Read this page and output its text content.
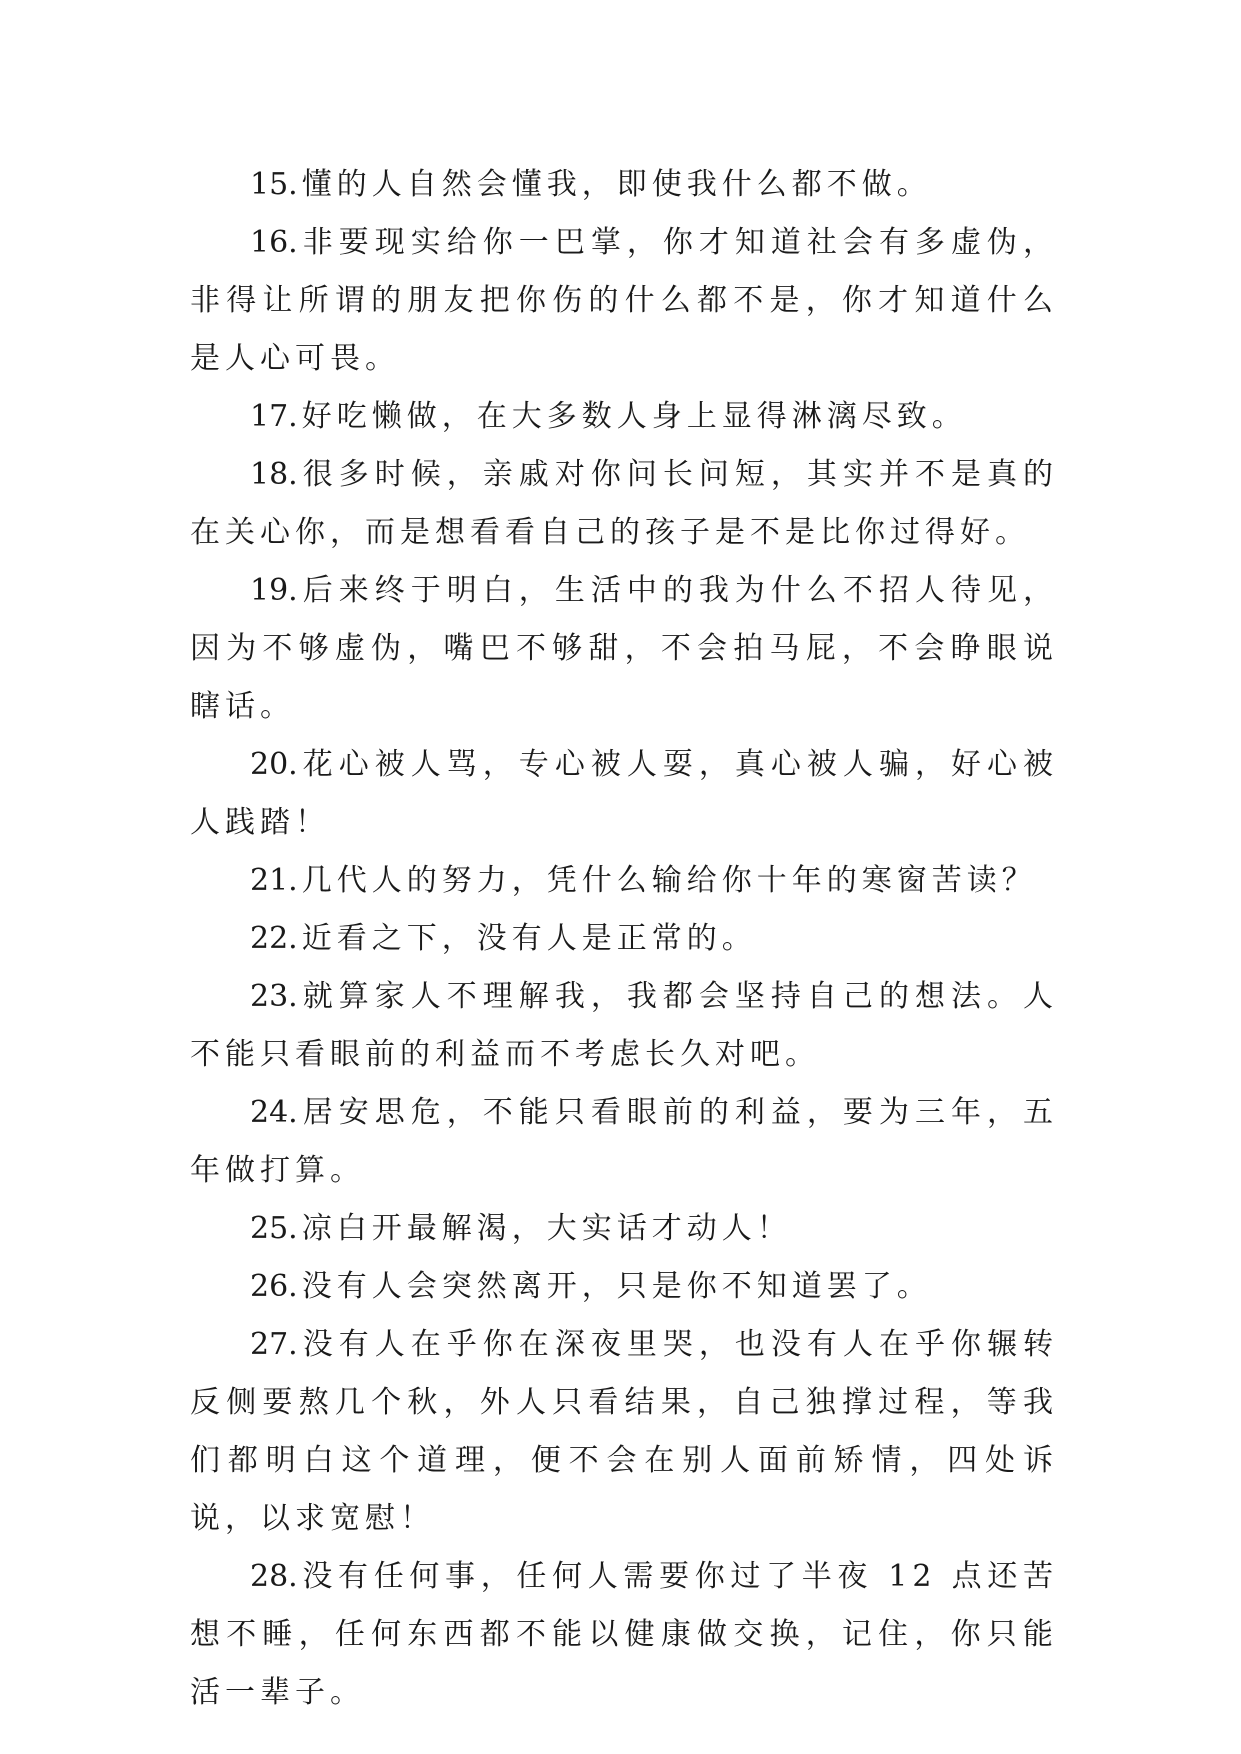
15. 懂的人自然会懂我，即使我什么都不做。

16. 非要现实给你一巴掌，你才知道社会有多虚伪，非得让所谓的朋友把你伤的什么都不是，你才知道什么是人心可畏。

17. 好吃懒做，在大多数人身上显得淋漓尽致。

18. 很多时候，亲戚对你问长问短，其实并不是真的在关心你，而是想看看自己的孩子是不是比你过得好。

19. 后来终于明白，生活中的我为什么不招人待见，因为不够虚伪，嘴巴不够甜，不会拍马屁，不会睁眼说瞎话。

20. 花心被人骂，专心被人耍，真心被人骗，好心被人践踏！

21. 几代人的努力，凭什么输给你十年的寒窗苦读？

22. 近看之下，没有人是正常的。

23. 就算家人不理解我，我都会坚持自己的想法。人不能只看眼前的利益而不考虑长久对吧。

24. 居安思危，不能只看眼前的利益，要为三年，五年做打算。

25. 凉白开最解渴，大实话才动人！

26. 没有人会突然离开，只是你不知道罢了。

27. 没有人在乎你在深夜里哭，也没有人在乎你辗转反侧要熬几个秋，外人只看结果，自己独撑过程，等我们都明白这个道理，便不会在别人面前矫情，四处诉说，以求宽慰！

28. 没有任何事，任何人需要你过了半夜 12 点还苦想不睡，任何东西都不能以健康做交换，记住，你只能活一辈子。
